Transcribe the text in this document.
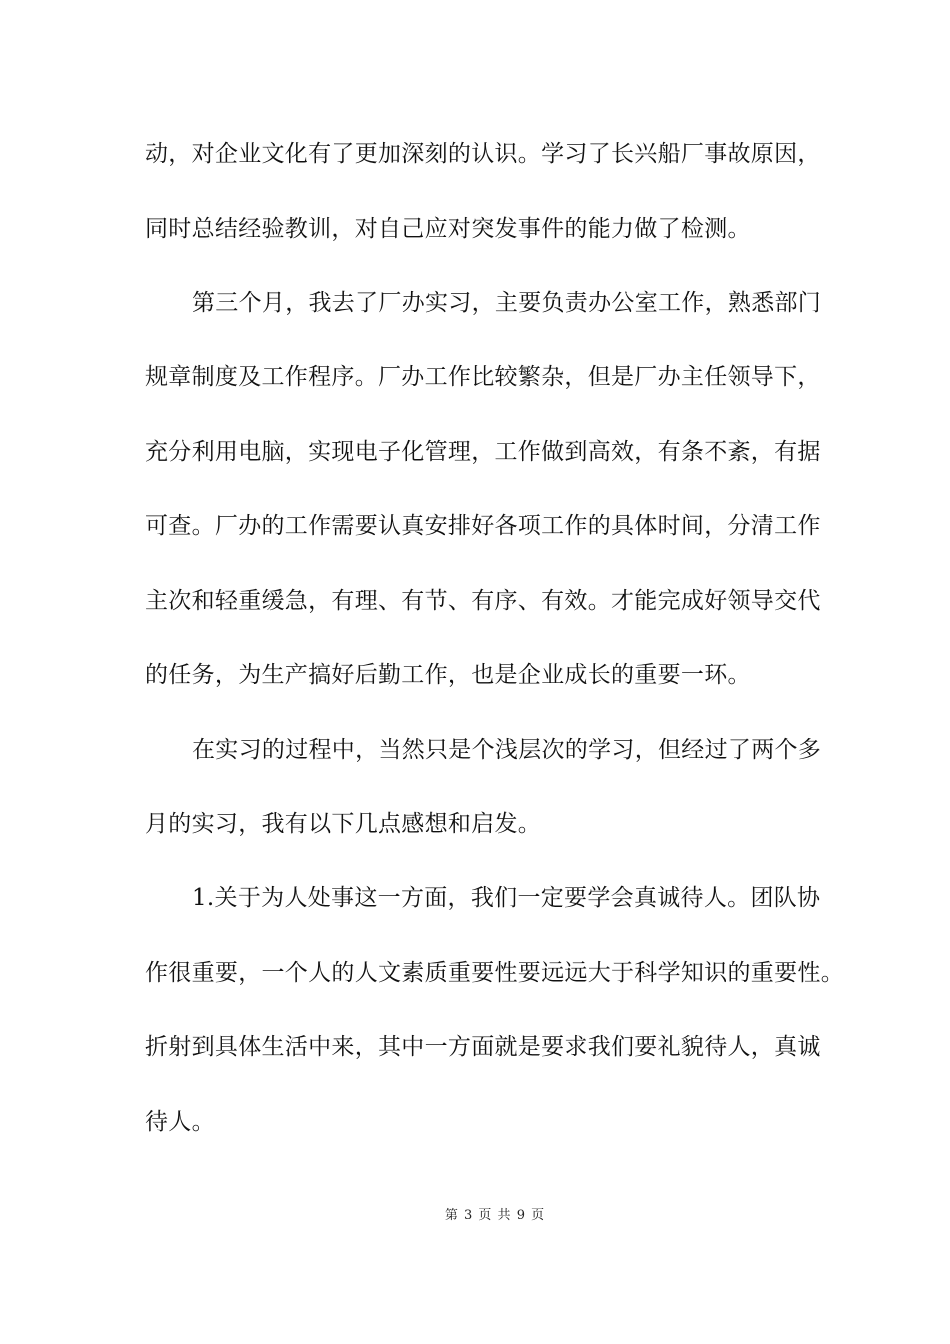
动，对企业文化有了更加深刻的认识。学习了长兴船厂事故原因，
同时总结经验教训，对自己应对突发事件的能力做了检测。
第三个月，我去了厂办实习，主要负责办公室工作，熟悉部门
规章制度及工作程序。厂办工作比较繁杂，但是厂办主任领导下，
充分利用电脑，实现电子化管理，工作做到高效，有条不紊，有据
可查。厂办的工作需要认真安排好各项工作的具体时间，分清工作
主次和轻重缓急，有理、有节、有序、有效。才能完成好领导交代
的任务，为生产搞好后勤工作，也是企业成长的重要一环。
在实习的过程中，当然只是个浅层次的学习，但经过了两个多
月的实习，我有以下几点感想和启发。
1.关于为人处事这一方面，我们一定要学会真诚待人。团队协
作很重要，一个人的人文素质重要性要远远大于科学知识的重要性。
折射到具体生活中来，其中一方面就是要求我们要礼貌待人，真诚
待人。
第 3 页 共 9 页
